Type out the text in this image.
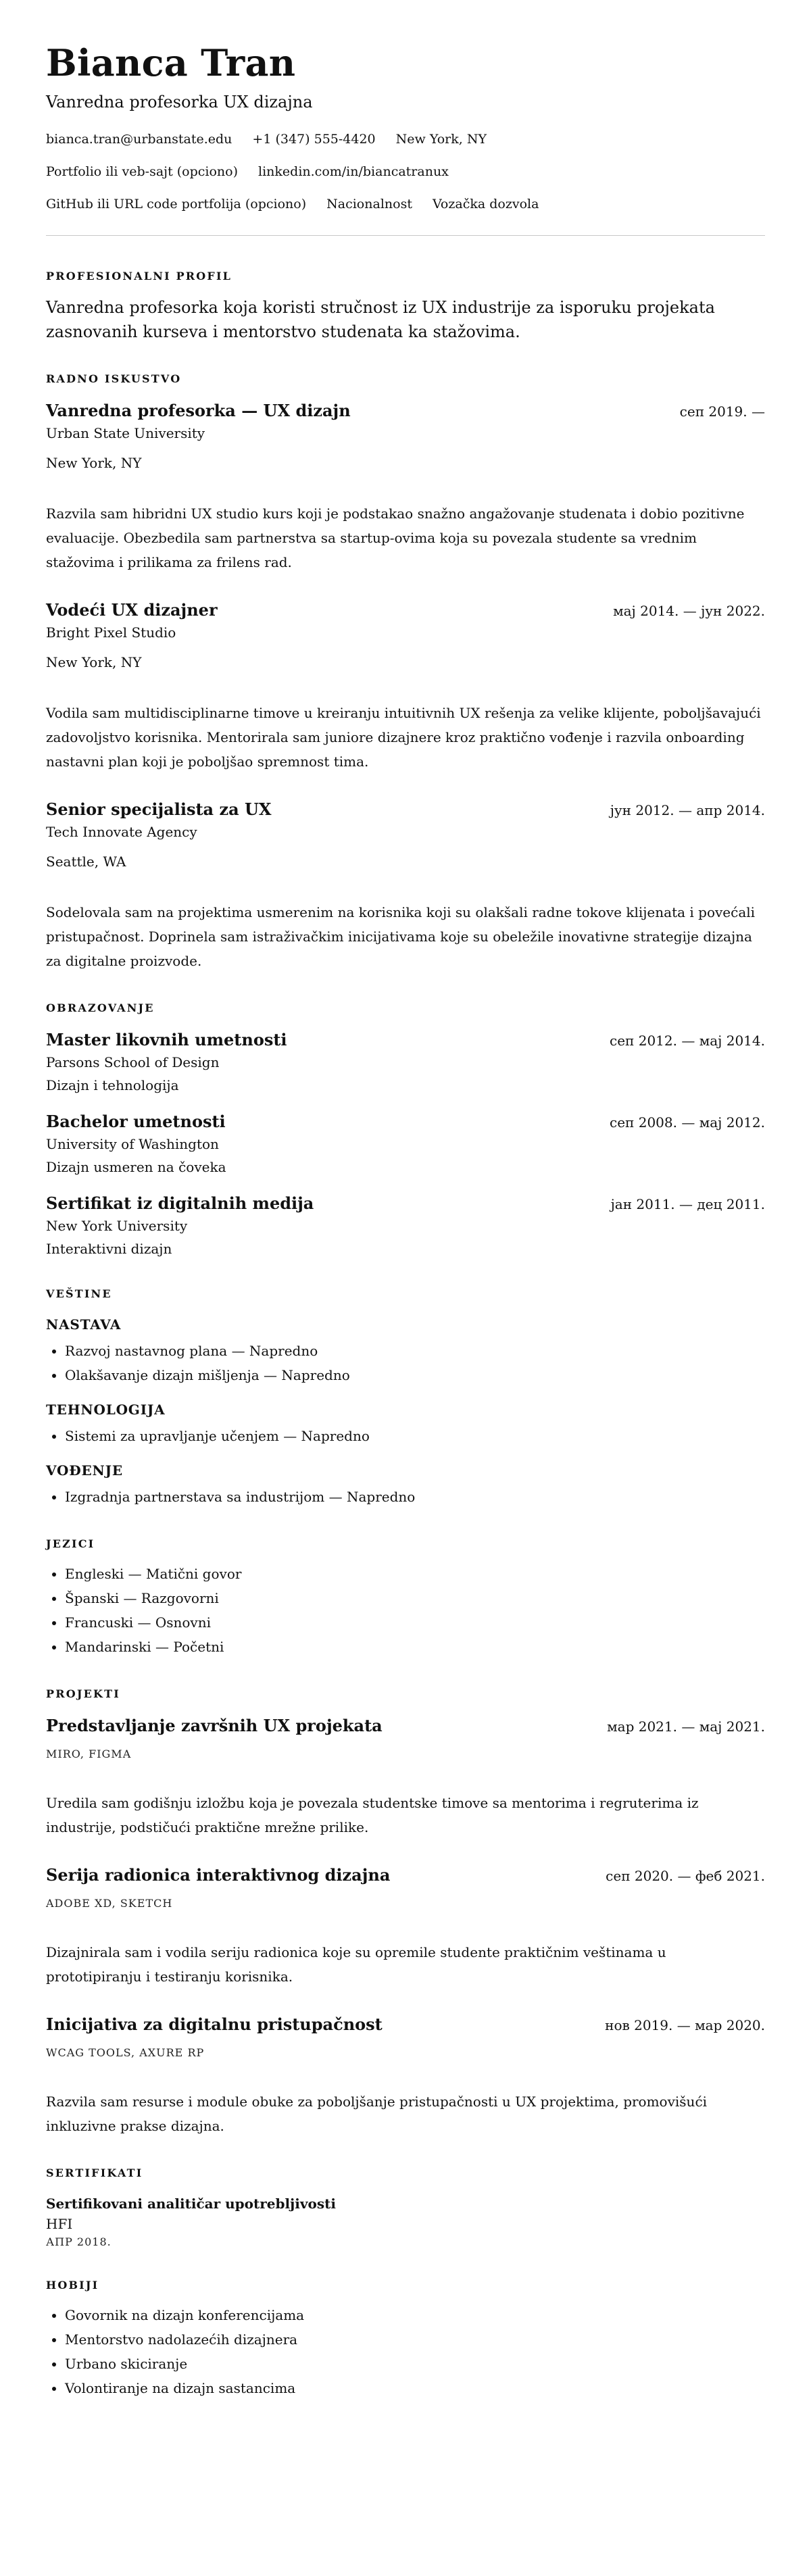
Bianca Tran
Vanredna profesorka UX dizajna
bianca.tran@urbanstate.edu +1 (347) 555-4420 New York, NY
Portfolio ili veb-sajt (opciono) linkedin.com/in/biancatranux
GitHub ili URL code portfolija (opciono) Nacionalnost Vozačka dozvola
PROFESIONALNI PROFIL
Vanredna profesorka koja koristi stručnost iz UX industrije za isporuku projekata zasnovanih kurseva i mentorstvo studenata ka stažovima.
RADNO ISKUSTVO
Vanredna profesorka — UX dizajn	сеп 2019. —
Urban State University
New York, NY
Razvila sam hibridni UX studio kurs koji je podstakao snažno angažovanje studenata i dobio pozitivne evaluacije. Obezbedila sam partnerstva sa startup-ovima koja su povezala studente sa vrednim stažovima i prilikama za frilens rad.
Vodeći UX dizajner	мај 2014. — јун 2022.
Bright Pixel Studio
New York, NY
Vodila sam multidisciplinarne timove u kreiranju intuitivnih UX rešenja za velike klijente, poboljšavajući zadovoljstvo korisnika. Mentorirala sam juniore dizajnere kroz praktično vođenje i razvila onboarding nastavni plan koji je poboljšao spremnost tima.
Senior specijalista za UX	јун 2012. — апр 2014.
Tech Innovate Agency
Seattle, WA
Sodelovala sam na projektima usmerenim na korisnika koji su olakšali radne tokove klijenata i povećali pristupačnost. Doprinela sam istraživačkim inicijativama koje su obeležile inovativne strategije dizajna za digitalne proizvode.
OBRAZOVANJE
Master likovnih umetnosti	сеп 2012. — мај 2014.
Parsons School of Design
Dizajn i tehnologija
Bachelor umetnosti	сеп 2008. — мај 2012.
University of Washington
Dizajn usmeren na čoveka
Sertifikat iz digitalnih medija	јан 2011. — дец 2011.
New York University
Interaktivni dizajn
VEŠTINE
NASTAVA
• Razvoj nastavnog plana — Napredno
• Olakšavanje dizajn mišljenja — Napredno
TEHNOLOGIJA
• Sistemi za upravljanje učenjem — Napredno
VOĐENJE
• Izgradnja partnerstava sa industrijom — Napredno
JEZICI
• Engleski — Matični govor
• Španski — Razgovorni
• Francuski — Osnovni
• Mandarinski — Početni
PROJEKTI
Predstavljanje završnih UX projekata	мар 2021. — мај 2021.
MIRO, FIGMA
Uredila sam godišnju izložbu koja je povezala studentske timove sa mentorima i regruterima iz industrije, podstičući praktične mrežne prilike.
Serija radionica interaktivnog dizajna	сеп 2020. — феб 2021.
ADOBE XD, SKETCH
Dizajnirala sam i vodila seriju radionica koje su opremile studente praktičnim veštinama u prototipiranju i testiranju korisnika.
Inicijativa za digitalnu pristupačnost	нов 2019. — мар 2020.
WCAG TOOLS, AXURE RP
Razvila sam resurse i module obuke za poboljšanje pristupačnosti u UX projektima, promovišući inkluzivne prakse dizajna.
SERTIFIKATI
Sertifikovani analitičar upotrebljivosti
HFI
АПР 2018.
HOBIJI
• Govornik na dizajn konferencijama
• Mentorstvo nadolazećih dizajnera
• Urbano skiciranje
• Volontiranje na dizajn sastancima
